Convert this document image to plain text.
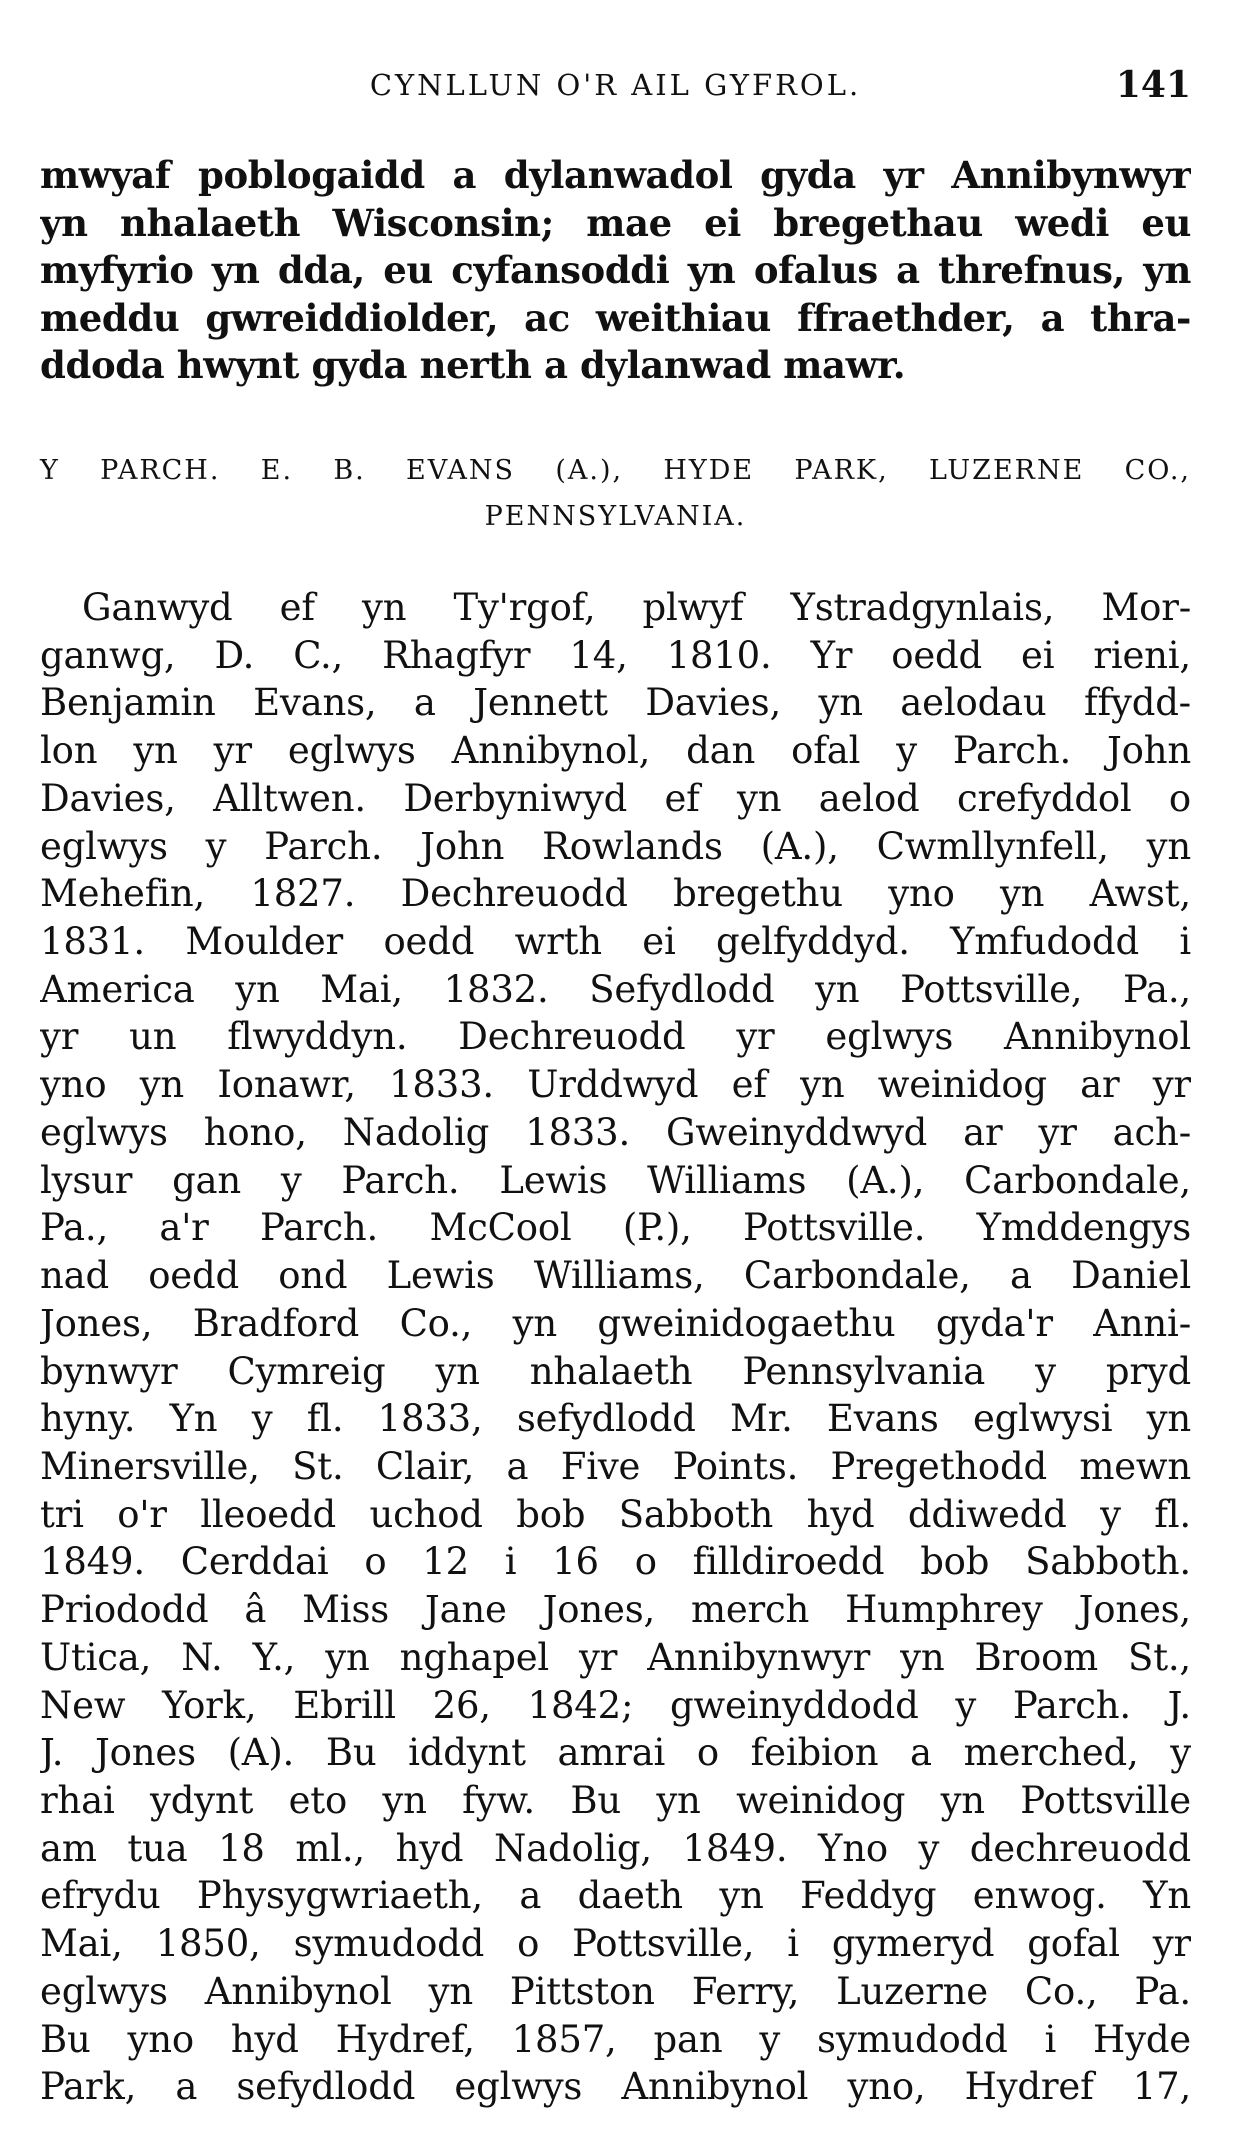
CYNLLUN O'R AIL GYFROL.	141
mwyaf poblogaidd a dylanwadol gyda yr Annibynwyr
yn nhalaeth Wisconsin; mae ei bregethau wedi eu
myfyrio yn dda, eu cyfansoddi yn ofalus a threfnus, yn
meddu gwreiddiolder, ac weithiau ffraethder, a thra-
ddoda hwynt gyda nerth a dylanwad mawr.
Y PARCH. E. B. EVANS (A.), HYDE PARK, LUZERNE CO.,
PENNSYLVANIA.
Ganwyd ef yn Ty'rgof, plwyf Ystradgynlais, Mor-
ganwg, D. C., Rhagfyr 14, 1810. Yr oedd ei rieni,
Benjamin Evans, a Jennett Davies, yn aelodau ffydd-
lon yn yr eglwys Annibynol, dan ofal y Parch. John
Davies, Alltwen. Derbyniwyd ef yn aelod crefyddol o
eglwys y Parch. John Rowlands (A.), Cwmllynfell, yn
Mehefin, 1827. Dechreuodd bregethu yno yn Awst,
1831. Moulder oedd wrth ei gelfyddyd. Ymfudodd i
America yn Mai, 1832. Sefydlodd yn Pottsville, Pa.,
yr un flwyddyn. Dechreuodd yr eglwys Annibynol
yno yn Ionawr, 1833. Urddwyd ef yn weinidog ar yr
eglwys hono, Nadolig 1833. Gweinyddwyd ar yr ach-
lysur gan y Parch. Lewis Williams (A.), Carbondale,
Pa., a'r Parch. McCool (P.), Pottsville. Ymddengys
nad oedd ond Lewis Williams, Carbondale, a Daniel
Jones, Bradford Co., yn gweinidogaethu gyda'r Anni-
bynwyr Cymreig yn nhalaeth Pennsylvania y pryd
hyny. Yn y fl. 1833, sefydlodd Mr. Evans eglwysi yn
Minersville, St. Clair, a Five Points. Pregethodd mewn
tri o'r lleoedd uchod bob Sabboth hyd ddiwedd y fl.
1849. Cerddai o 12 i 16 o filldiroedd bob Sabboth.
Priododd â Miss Jane Jones, merch Humphrey Jones,
Utica, N. Y., yn nghapel yr Annibynwyr yn Broom St.,
New York, Ebrill 26, 1842; gweinyddodd y Parch. J.
J. Jones (A). Bu iddynt amrai o feibion a merched, y
rhai ydynt eto yn fyw. Bu yn weinidog yn Pottsville
am tua 18 ml., hyd Nadolig, 1849. Yno y dechreuodd
efrydu Physygwriaeth, a daeth yn Feddyg enwog. Yn
Mai, 1850, symudodd o Pottsville, i gymeryd gofal yr
eglwys Annibynol yn Pittston Ferry, Luzerne Co., Pa.
Bu yno hyd Hydref, 1857, pan y symudodd i Hyde
Park, a sefydlodd eglwys Annibynol yno, Hydref 17,
